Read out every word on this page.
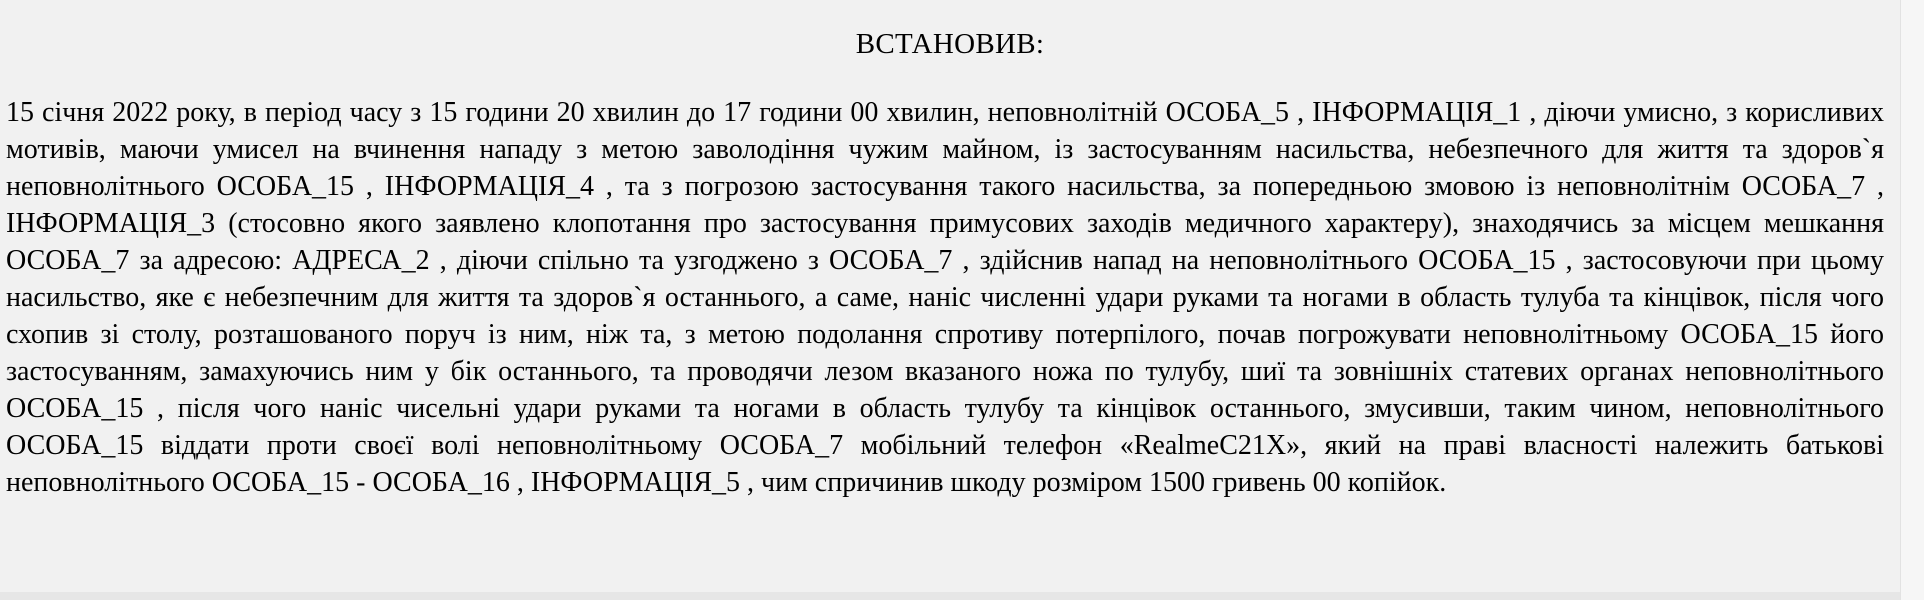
ВСТАНОВИВ:

15 січня 2022 року, в період часу з 15 години 20 хвилин до 17 години 00 хвилин, неповнолітній ОСОБА_5 , ІНФОРМАЦІЯ_1 , діючи умисно, з корисливих мотивів, маючи умисел на вчинення нападу з метою заволодіння чужим майном, із застосуванням насильства, небезпечного для життя та здоров`я неповнолітнього ОСОБА_15 , ІНФОРМАЦІЯ_4 , та з погрозою застосування такого насильства, за попередньою змовою із неповнолітнім ОСОБА_7 , ІНФОРМАЦІЯ_3 (стосовно якого заявлено клопотання про застосування примусових заходів медичного характеру), знаходячись за місцем мешкання ОСОБА_7 за адресою: АДРЕСА_2 , діючи спільно та узгоджено з ОСОБА_7 , здійснив напад на неповнолітнього ОСОБА_15 , застосовуючи при цьому насильство, яке є небезпечним для життя та здоров`я останнього, а саме, наніс численні удари руками та ногами в область тулуба та кінцівок, після чого схопив зі столу, розташованого поруч із ним, ніж та, з метою подолання спротиву потерпілого, почав погрожувати неповнолітньому ОСОБА_15 його застосуванням, замахуючись ним у бік останнього, та проводячи лезом вказаного ножа по тулубу, шиї та зовнішніх статевих органах неповнолітнього ОСОБА_15 , після чого наніс чисельні удари руками та ногами в область тулубу та кінцівок останнього, змусивши, таким чином, неповнолітнього ОСОБА_15 віддати проти своєї волі неповнолітньому ОСОБА_7 мобільний телефон «RealmeC21X», який на праві власності належить батькові неповнолітнього ОСОБА_15 - ОСОБА_16 , ІНФОРМАЦІЯ_5 , чим спричинив шкоду розміром 1500 гривень 00 копійок.
